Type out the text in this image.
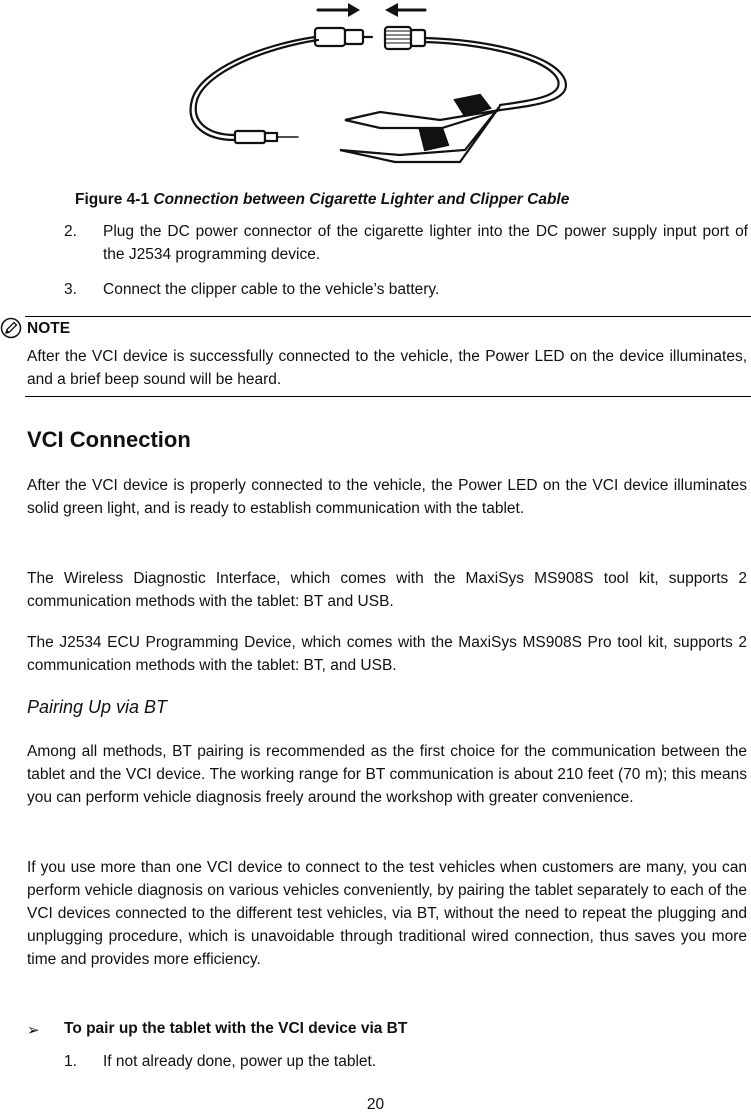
Figure 4-1 Connection between Cigarette Lighter and Clipper Cable
2. Plug the DC power connector of the cigarette lighter into the DC power supply input port of the J2534 programming device.
3. Connect the clipper cable to the vehicle’s battery.
NOTE
After the VCI device is successfully connected to the vehicle, the Power LED on the device illuminates, and a brief beep sound will be heard.
VCI Connection

After the VCI device is properly connected to the vehicle, the Power LED on the VCI device illuminates solid green light, and is ready to establish communication with the tablet.

The Wireless Diagnostic Interface, which comes with the MaxiSys MS908S tool kit, supports 2 communication methods with the tablet: BT and USB.

The J2534 ECU Programming Device, which comes with the MaxiSys MS908S Pro tool kit, supports 2 communication methods with the tablet: BT, and USB.

Pairing Up via BT

Among all methods, BT pairing is recommended as the first choice for the communication between the tablet and the VCI device. The working range for BT communication is about 210 feet (70 m); this means you can perform vehicle diagnosis freely around the workshop with greater convenience.

If you use more than one VCI device to connect to the test vehicles when customers are many, you can perform vehicle diagnosis on various vehicles conveniently, by pairing the tablet separately to each of the VCI devices connected to the different test vehicles, via BT, without the need to repeat the plugging and unplugging procedure, which is unavoidable through traditional wired connection, thus saves you more time and provides more efficiency.

➢ To pair up the tablet with the VCI device via BT
1. If not already done, power up the tablet.
20
